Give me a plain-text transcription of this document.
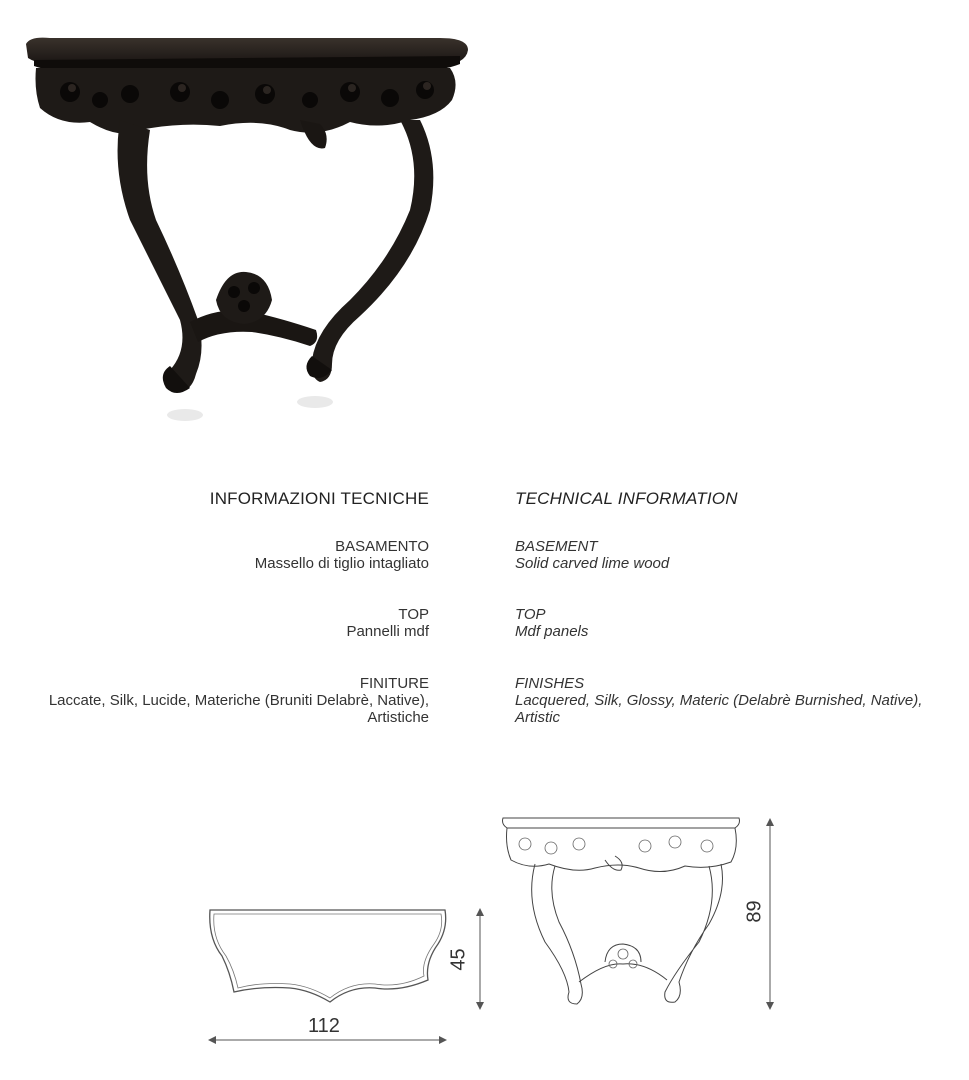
INFORMAZIONI TECNICHE
BASAMENTO
Massello di tiglio intagliato
TOP
Pannelli mdf
FINITURE
Laccate, Silk, Lucide, Materiche (Bruniti Delabrè, Native),
Artistiche
TECHNICAL INFORMATION
BASEMENT
Solid carved lime wood
TOP
Mdf panels
FINISHES
Lacquered, Silk, Glossy, Materic (Delabrè Burnished, Native),
Artistic
112
45
89
